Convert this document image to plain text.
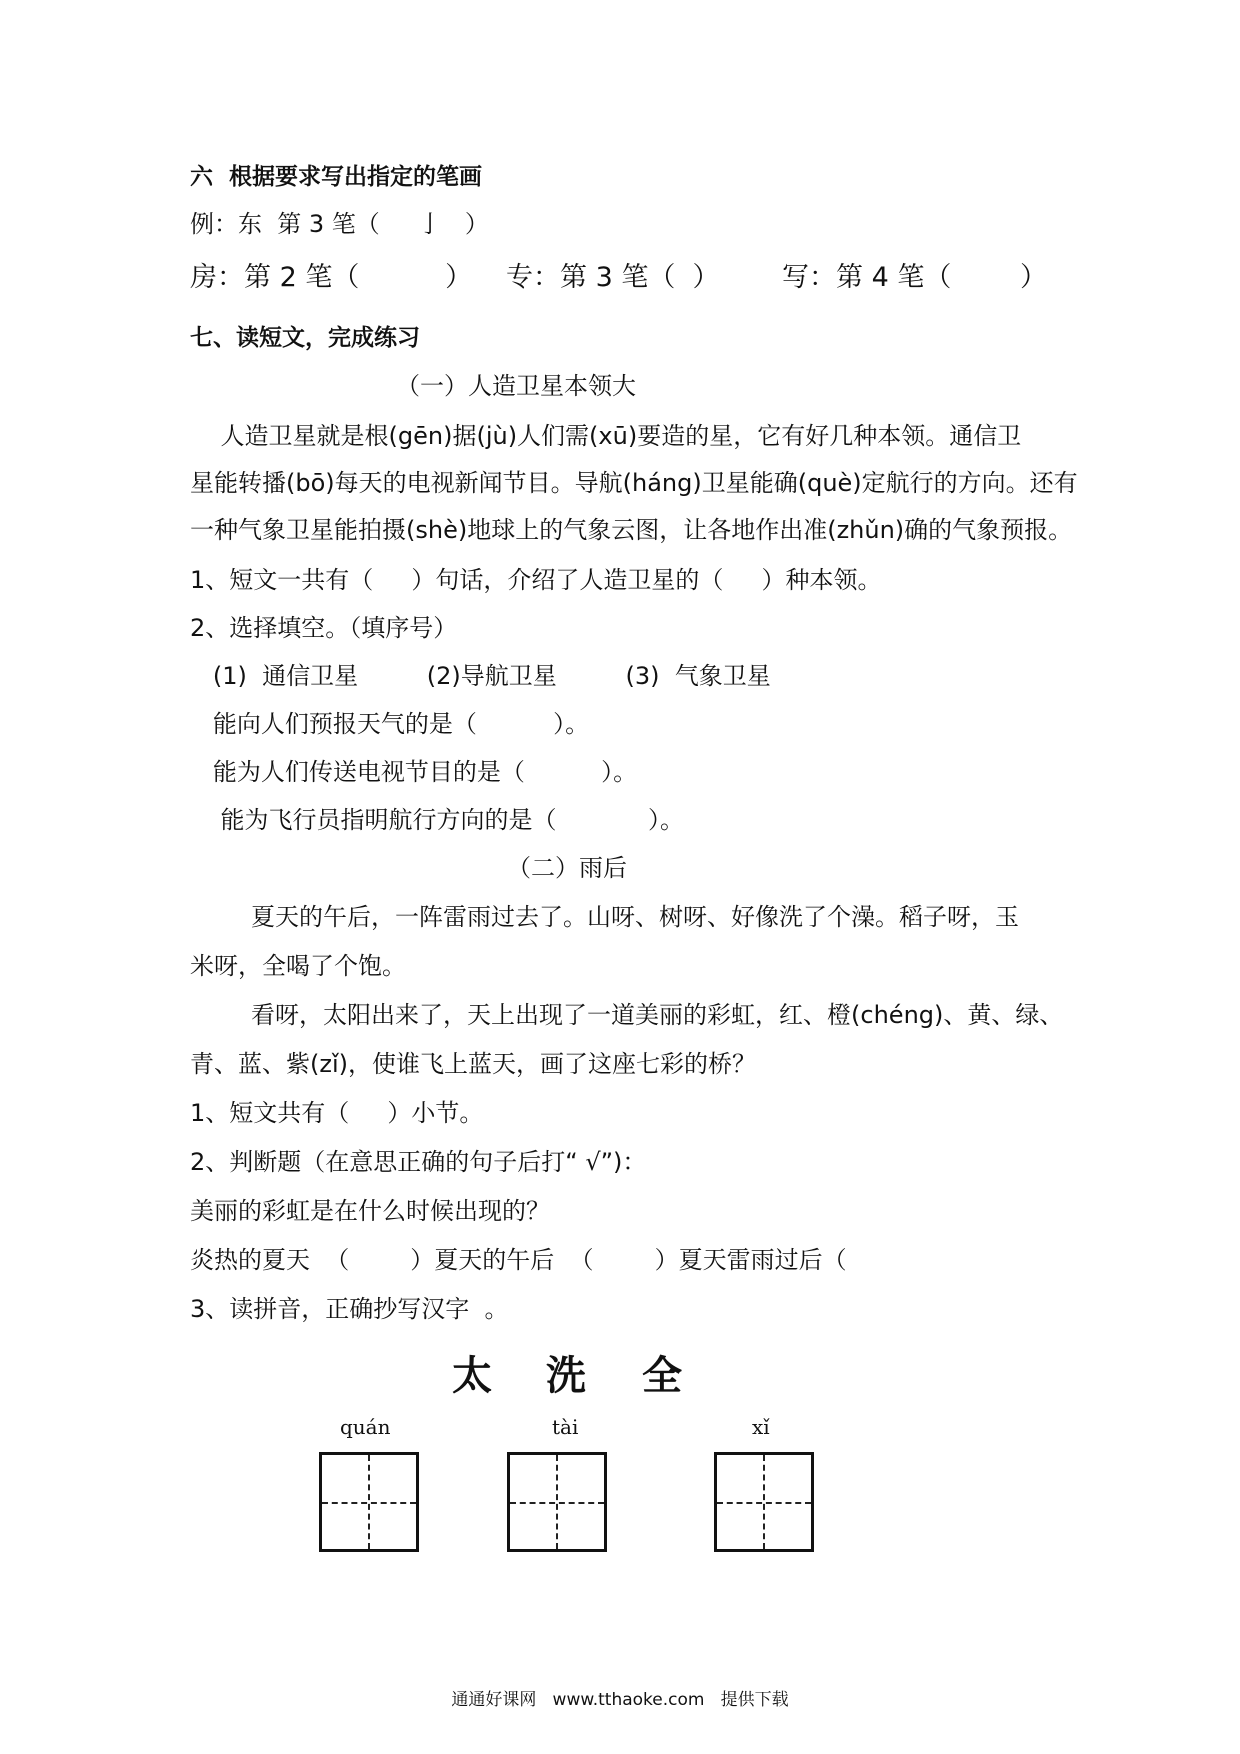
六  根据要求写出指定的笔画
例：东  第 3 笔（     亅   ）
房：第 2 笔（          ） 专：第 3 笔（  ） 写：第 4 笔（        ）
七、读短文，完成练习
（一）人造卫星本领大
人造卫星就是根(gēn)据(jù)人们需(xū)要造的星，它有好几种本领。通信卫
星能转播(bō)每天的电视新闻节目。导航(háng)卫星能确(què)定航行的方向。还有
一种气象卫星能拍摄(shè)地球上的气象云图，让各地作出准(zhǔn)确的气象预报。
1、短文一共有（     ）句话，介绍了人造卫星的（     ）种本领。
2、选择填空。（填序号）
(1)  通信卫星         (2)导航卫星         (3)  气象卫星
能向人们预报天气的是（          ）。
能为人们传送电视节目的是（          ）。
能为飞行员指明航行方向的是（            ）。
（二）雨后
夏天的午后，一阵雷雨过去了。山呀、树呀、好像洗了个澡。稻子呀，玉
米呀，全喝了个饱。
看呀，太阳出来了，天上出现了一道美丽的彩虹，红、橙(chéng)、黄、绿、
青、蓝、紫(zǐ)，使谁飞上蓝天，画了这座七彩的桥？
1、短文共有（     ）小节。
2、判断题（在意思正确的句子后打“ √”)：
美丽的彩虹是在什么时候出现的？
炎热的夏天  （        ）夏天的午后  （        ）夏天雷雨过后（
3、读拼音，正确抄写汉字  。
太 洗 全
quán	tài	xǐ
通通好课网   www.tthaoke.com   提供下载
